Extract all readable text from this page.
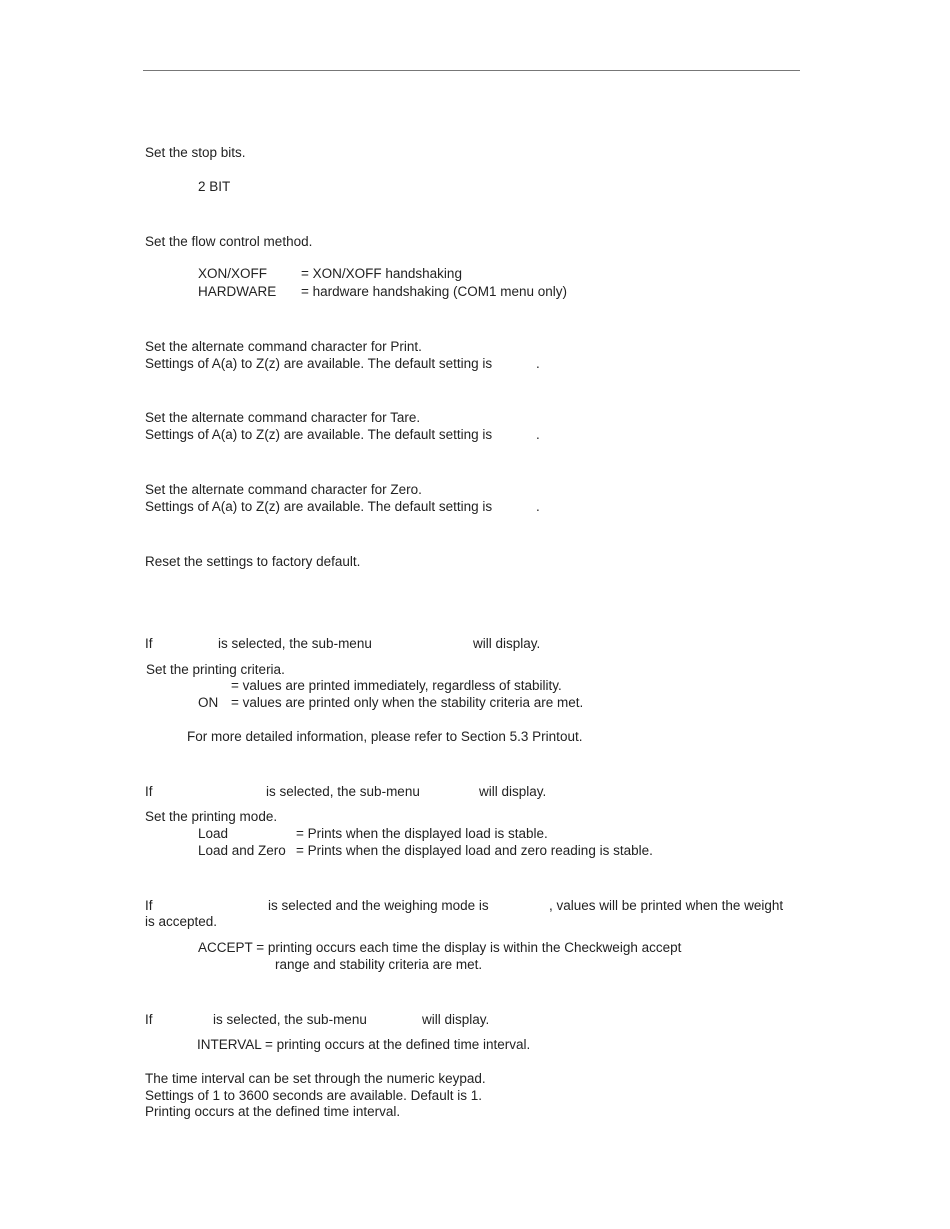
Set the stop bits.
2 BIT
Set the flow control method.
XON/XOFF	= XON/XOFF handshaking
HARDWARE = hardware handshaking (COM1 menu only)
Set the alternate command character for Print.
Settings of A(a) to Z(z) are available. The default setting is	.
Set the alternate command character for Tare.
Settings of A(a) to Z(z) are available. The default setting is	.
Set the alternate command character for Zero.
Settings of A(a) to Z(z) are available. The default setting is	.
Reset the settings to factory default.
If	is selected, the sub-menu	will display.
Set the printing criteria.
= values are printed immediately, regardless of stability.
ON = values are printed only when the stability criteria are met.
For more detailed information, please refer to Section 5.3 Printout.
If	is selected, the sub-menu	will display.
Set the printing mode.
Load	= Prints when the displayed load is stable.
Load and Zero = Prints when the displayed load and zero reading is stable.
If	is selected and the weighing mode is	, values will be printed when the weight
is accepted.
ACCEPT = printing occurs each time the display is within the Checkweigh accept
range and stability criteria are met.
If	is selected, the sub-menu	will display.
INTERVAL = printing occurs at the defined time interval.
The time interval can be set through the numeric keypad.
Settings of 1 to 3600 seconds are available. Default is 1.
Printing occurs at the defined time interval.
